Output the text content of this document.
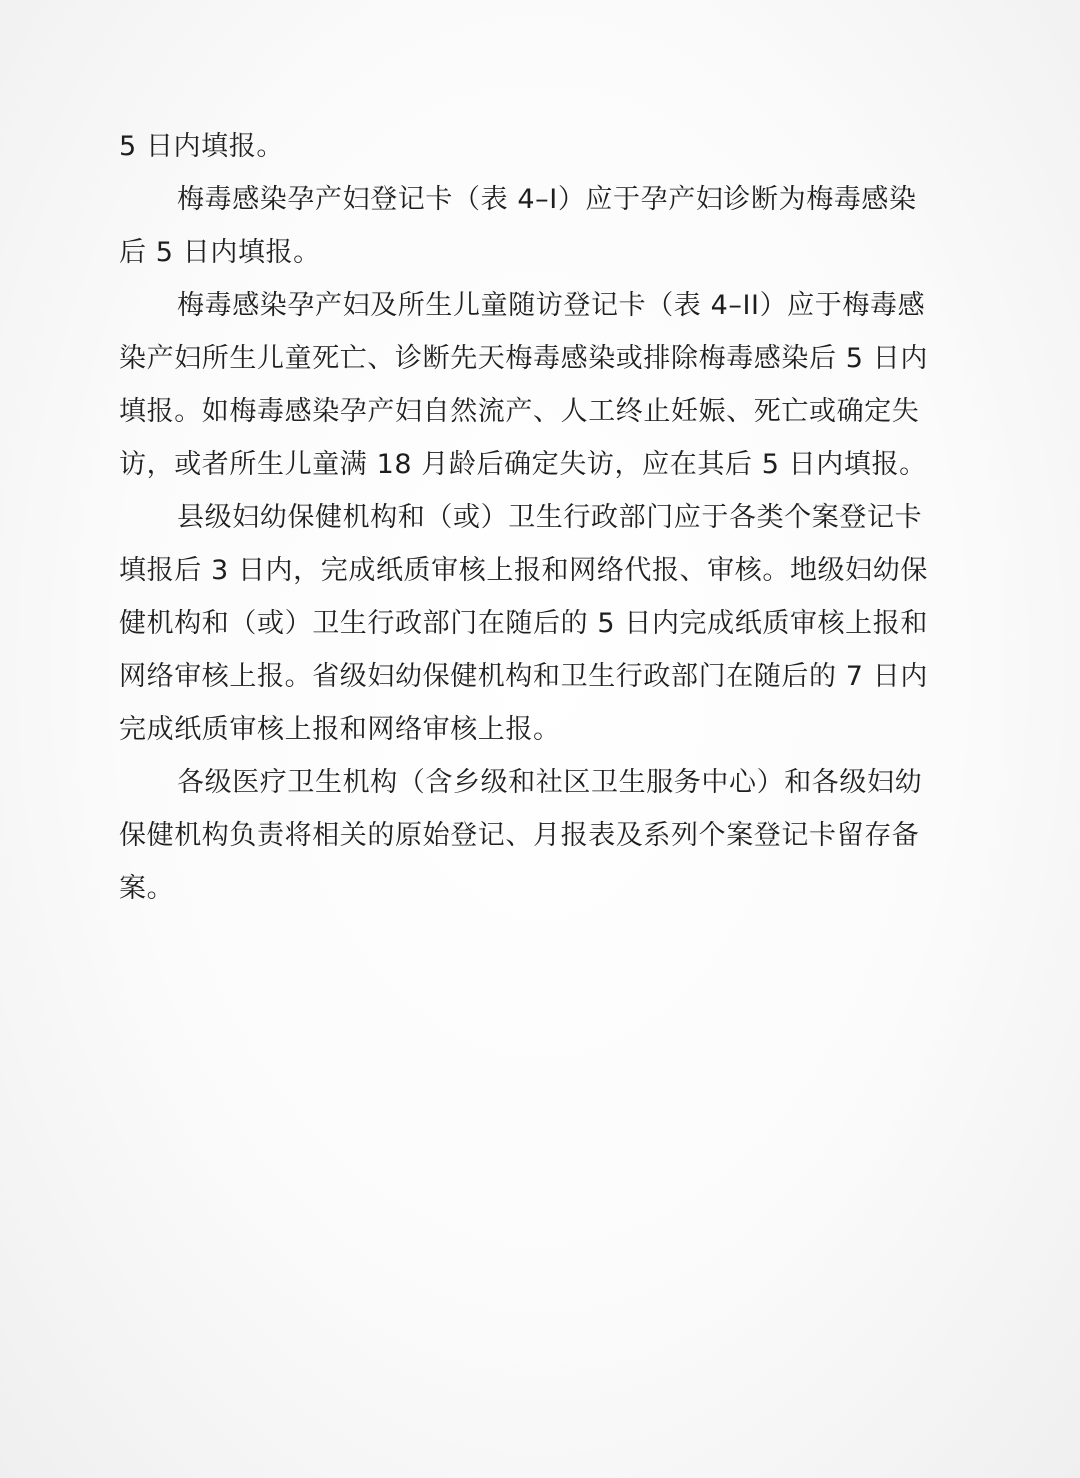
5 日内填报。
梅毒感染孕产妇登记卡（表 4–I）应于孕产妇诊断为梅毒感染
后 5 日内填报。
梅毒感染孕产妇及所生儿童随访登记卡（表 4–II）应于梅毒感
染产妇所生儿童死亡、诊断先天梅毒感染或排除梅毒感染后 5 日内
填报。如梅毒感染孕产妇自然流产、人工终止妊娠、死亡或确定失
访，或者所生儿童满 18 月龄后确定失访，应在其后 5 日内填报。
县级妇幼保健机构和（或）卫生行政部门应于各类个案登记卡
填报后 3 日内，完成纸质审核上报和网络代报、审核。地级妇幼保
健机构和（或）卫生行政部门在随后的 5 日内完成纸质审核上报和
网络审核上报。省级妇幼保健机构和卫生行政部门在随后的 7 日内
完成纸质审核上报和网络审核上报。
各级医疗卫生机构（含乡级和社区卫生服务中心）和各级妇幼
保健机构负责将相关的原始登记、月报表及系列个案登记卡留存备
案。
